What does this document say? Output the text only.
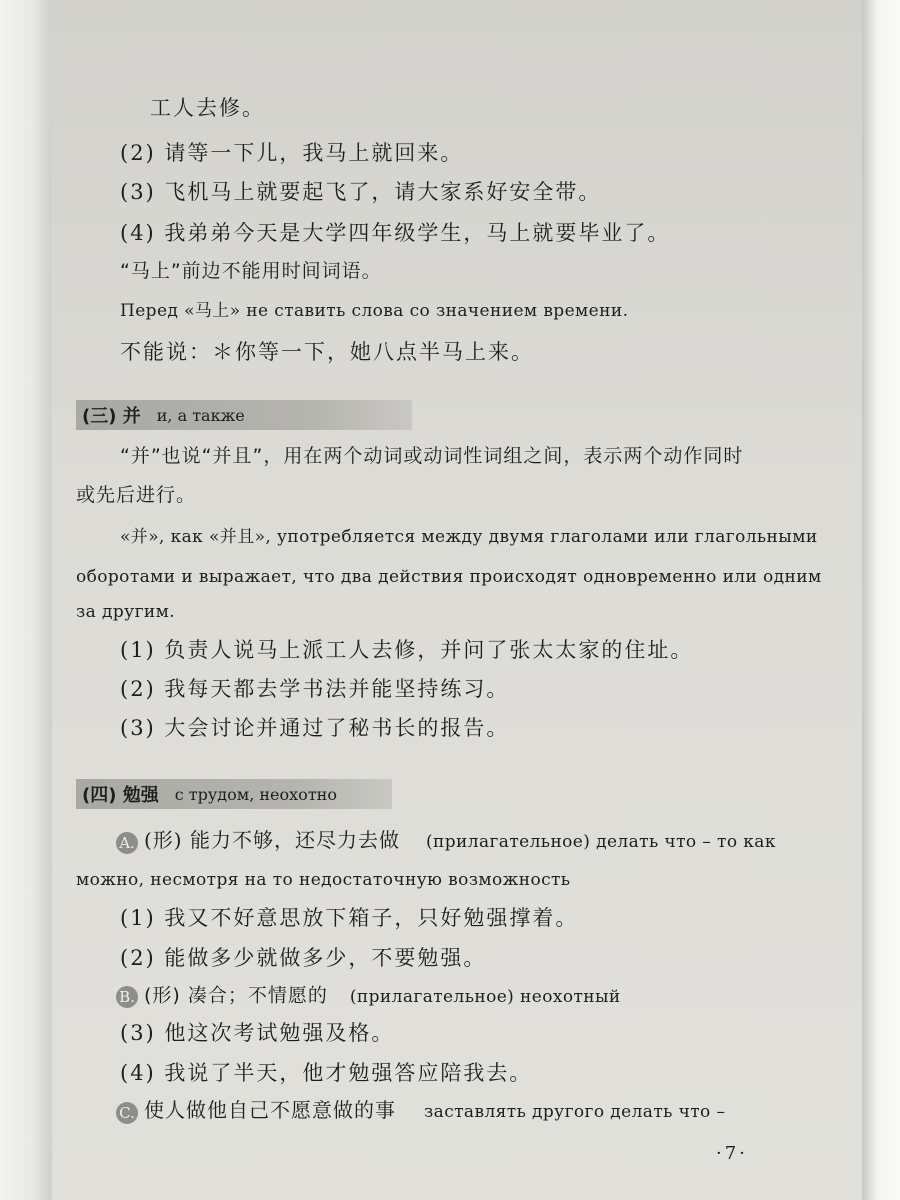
工人去修。
(2) 请等一下儿，我马上就回来。
(3) 飞机马上就要起飞了，请大家系好安全带。
(4) 我弟弟今天是大学四年级学生，马上就要毕业了。
“马上”前边不能用时间词语。
Перед «马上» не ставить слова со значением времени.
不能说：＊你等一下，她八点半马上来。
(三) 并 и, а также
“并”也说“并且”，用在两个动词或动词性词组之间，表示两个动作同时
或先后进行。
«并», как «并且», употребляется между двумя глаголами или глагольными
оборотами и выражает, что два действия происходят одновременно или одним
за другим.
(1) 负责人说马上派工人去修，并问了张太太家的住址。
(2) 我每天都去学书法并能坚持练习。
(3) 大会讨论并通过了秘书长的报告。
(四) 勉强 с трудом, неохотно
A. (形) 能力不够，还尽力去做 (прилагательное) делать что – то как
можно, несмотря на то недостаточную возможность
(1) 我又不好意思放下箱子，只好勉强撑着。
(2) 能做多少就做多少，不要勉强。
B. (形) 凑合；不情愿的 (прилагательное) неохотный
(3) 他这次考试勉强及格。
(4) 我说了半天，他才勉强答应陪我去。
C. 使人做他自己不愿意做的事 заставлять другого делать что –
·7·
